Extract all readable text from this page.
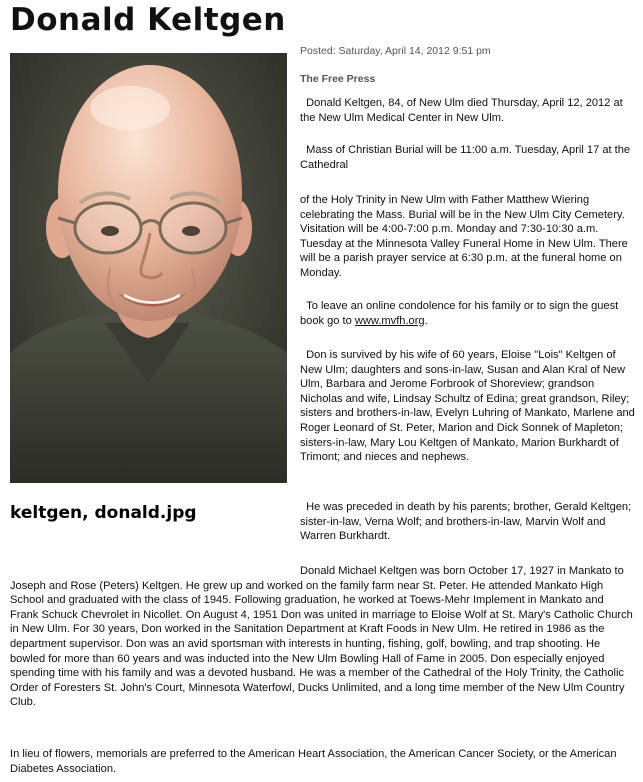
Donald Keltgen
keltgen, donald.jpg
Posted: Saturday, April 14, 2012 9:51 pm
The Free Press

Donald Keltgen, 84, of New Ulm died Thursday, April 12, 2012 at the New Ulm Medical Center in New Ulm.

Mass of Christian Burial will be 11:00 a.m. Tuesday, April 17 at the Cathedral

of the Holy Trinity in New Ulm with Father Matthew Wiering celebrating the Mass. Burial will be in the New Ulm City Cemetery. Visitation will be 4:00-7:00 p.m. Monday and 7:30-10:30 a.m. Tuesday at the Minnesota Valley Funeral Home in New Ulm. There will be a parish prayer service at 6:30 p.m. at the funeral home on Monday.

To leave an online condolence for his family or to sign the guest book go to www.mvfh.org.

Don is survived by his wife of 60 years, Eloise "Lois" Keltgen of New Ulm; daughters and sons-in-law, Susan and Alan Kral of New Ulm, Barbara and Jerome Forbrook of Shoreview; grandson Nicholas and wife, Lindsay Schultz of Edina; great grandson, Riley; sisters and brothers-in-law, Evelyn Luhring of Mankato, Marlene and Roger Leonard of St. Peter, Marion and Dick Sonnek of Mapleton; sisters-in-law, Mary Lou Keltgen of Mankato, Marion Burkhardt of Trimont; and nieces and nephews.

He was preceded in death by his parents; brother, Gerald Keltgen; sister-in-law, Verna Wolf; and brothers-in-law, Marvin Wolf and Warren Burkhardt.

Donald Michael Keltgen was born October 17, 1927 in Mankato to Joseph and Rose (Peters) Keltgen. He grew up and worked on the family farm near St. Peter. He attended Mankato High School and graduated with the class of 1945. Following graduation, he worked at Toews-Mehr Implement in Mankato and Frank Schuck Chevrolet in Nicollet. On August 4, 1951 Don was united in marriage to Eloise Wolf at St. Mary's Catholic Church in New Ulm. For 30 years, Don worked in the Sanitation Department at Kraft Foods in New Ulm. He retired in 1986 as the department supervisor. Don was an avid sportsman with interests in hunting, fishing, golf, bowling, and trap shooting. He bowled for more than 60 years and was inducted into the New Ulm Bowling Hall of Fame in 2005. Don especially enjoyed spending time with his family and was a devoted husband. He was a member of the Cathedral of the Holy Trinity, the Catholic Order of Foresters St. John's Court, Minnesota Waterfowl, Ducks Unlimited, and a long time member of the New Ulm Country Club.

In lieu of flowers, memorials are preferred to the American Heart Association, the American Cancer Society, or the American Diabetes Association.
